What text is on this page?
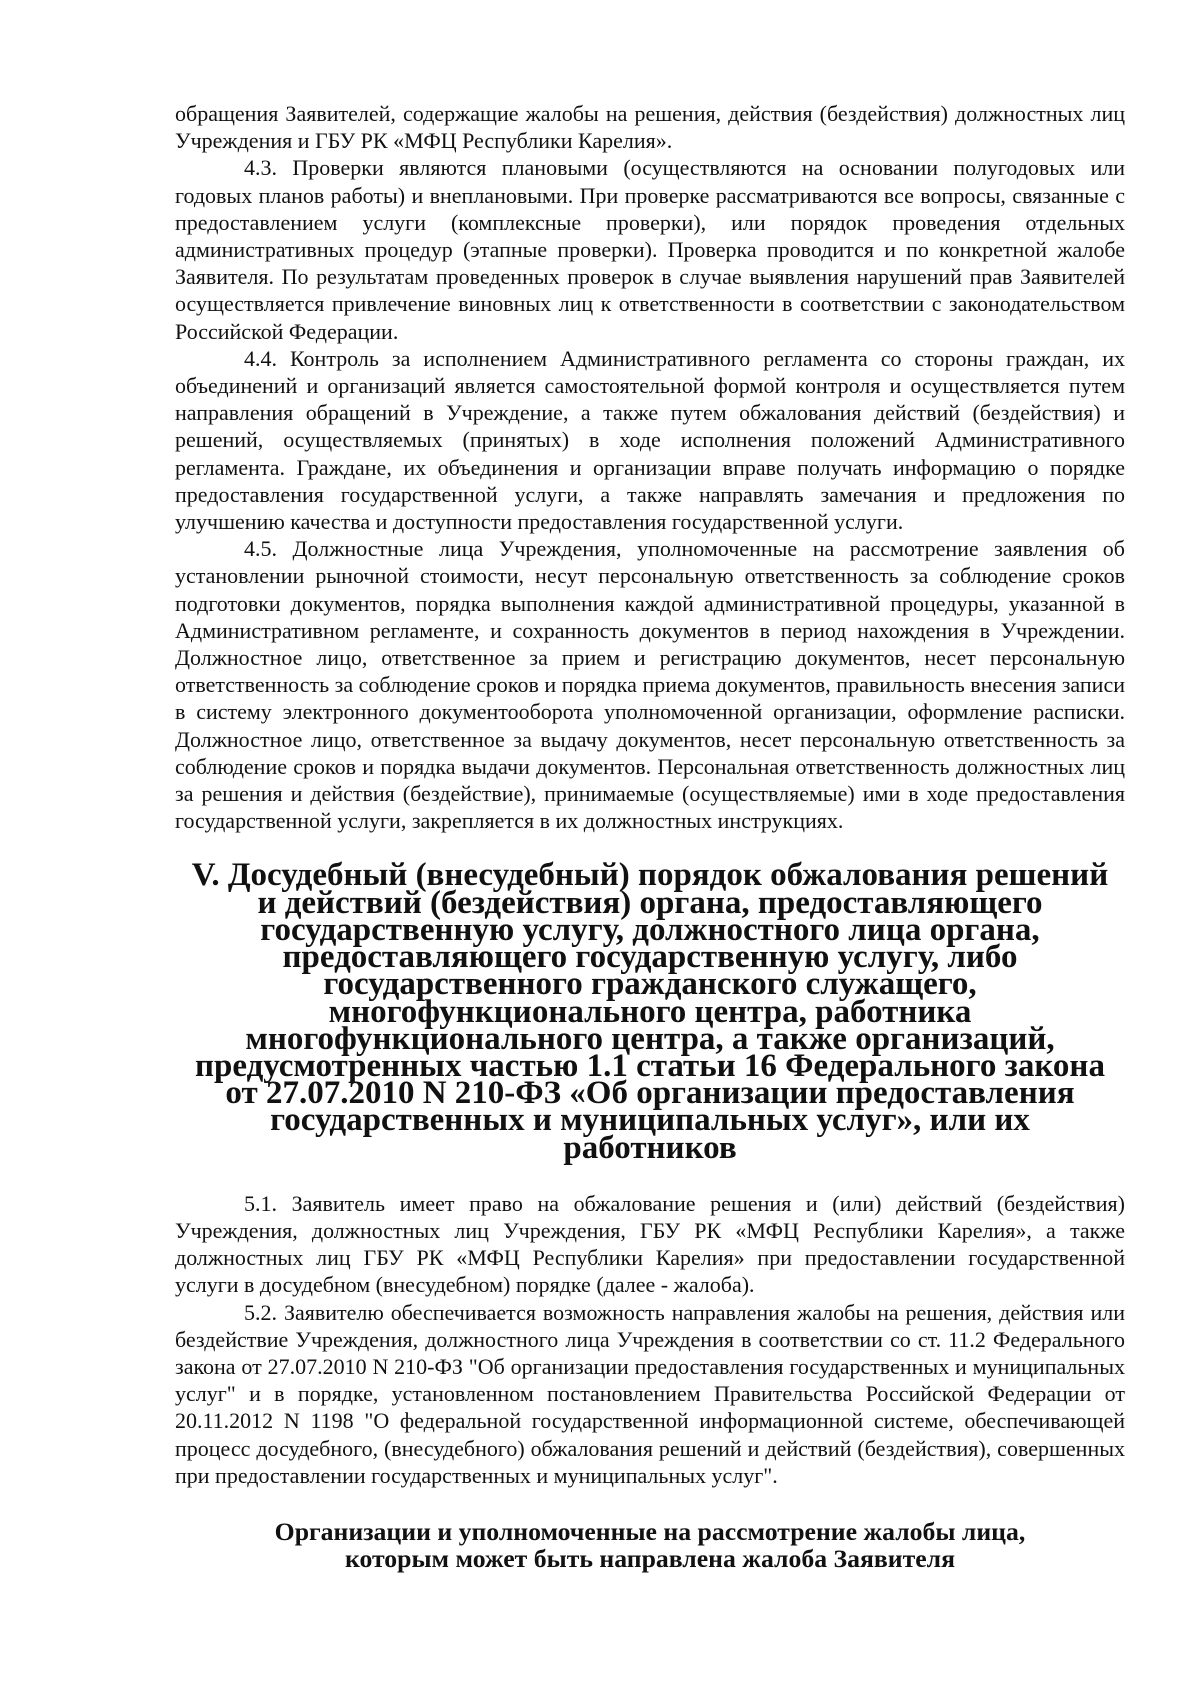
обращения Заявителей, содержащие жалобы на решения, действия (бездействия) должностных лиц Учреждения и ГБУ РК «МФЦ Республики Карелия».

4.3. Проверки являются плановыми (осуществляются на основании полугодовых или годовых планов работы) и внеплановыми. При проверке рассматриваются все вопросы, связанные с предоставлением услуги (комплексные проверки), или порядок проведения отдельных административных процедур (этапные проверки). Проверка проводится и по конкретной жалобе Заявителя. По результатам проведенных проверок в случае выявления нарушений прав Заявителей осуществляется привлечение виновных лиц к ответственности в соответствии с законодательством Российской Федерации.

4.4. Контроль за исполнением Административного регламента со стороны граждан, их объединений и организаций является самостоятельной формой контроля и осуществляется путем направления обращений в Учреждение, а также путем обжалования действий (бездействия) и решений, осуществляемых (принятых) в ходе исполнения положений Административного регламента. Граждане, их объединения и организации вправе получать информацию о порядке предоставления государственной услуги, а также направлять замечания и предложения по улучшению качества и доступности предоставления государственной услуги.

4.5. Должностные лица Учреждения, уполномоченные на рассмотрение заявления об установлении рыночной стоимости, несут персональную ответственность за соблюдение сроков подготовки документов, порядка выполнения каждой административной процедуры, указанной в Административном регламенте, и сохранность документов в период нахождения в Учреждении. Должностное лицо, ответственное за прием и регистрацию документов, несет персональную ответственность за соблюдение сроков и порядка приема документов, правильность внесения записи в систему электронного документооборота уполномоченной организации, оформление расписки. Должностное лицо, ответственное за выдачу документов, несет персональную ответственность за соблюдение сроков и порядка выдачи документов. Персональная ответственность должностных лиц за решения и действия (бездействие), принимаемые (осуществляемые) ими в ходе предоставления государственной услуги, закрепляется в их должностных инструкциях.

V. Досудебный (внесудебный) порядок обжалования решений и действий (бездействия) органа, предоставляющего государственную услугу, должностного лица органа, предоставляющего государственную услугу, либо государственного гражданского служащего, многофункционального центра, работника многофункционального центра, а также организаций, предусмотренных частью 1.1 статьи 16 Федерального закона от 27.07.2010 N 210-ФЗ «Об организации предоставления государственных и муниципальных услуг», или их работников

5.1. Заявитель имеет право на обжалование решения и (или) действий (бездействия) Учреждения, должностных лиц Учреждения, ГБУ РК «МФЦ Республики Карелия», а также должностных лиц ГБУ РК «МФЦ Республики Карелия» при предоставлении государственной услуги в досудебном (внесудебном) порядке (далее - жалоба).

5.2. Заявителю обеспечивается возможность направления жалобы на решения, действия или бездействие Учреждения, должностного лица Учреждения в соответствии со ст. 11.2 Федерального закона от 27.07.2010 N 210-ФЗ "Об организации предоставления государственных и муниципальных услуг" и в порядке, установленном постановлением Правительства Российской Федерации от 20.11.2012 N 1198 "О федеральной государственной информационной системе, обеспечивающей процесс досудебного, (внесудебного) обжалования решений и действий (бездействия), совершенных при предоставлении государственных и муниципальных услуг".

Организации и уполномоченные на рассмотрение жалобы лица,
которым может быть направлена жалоба Заявителя
